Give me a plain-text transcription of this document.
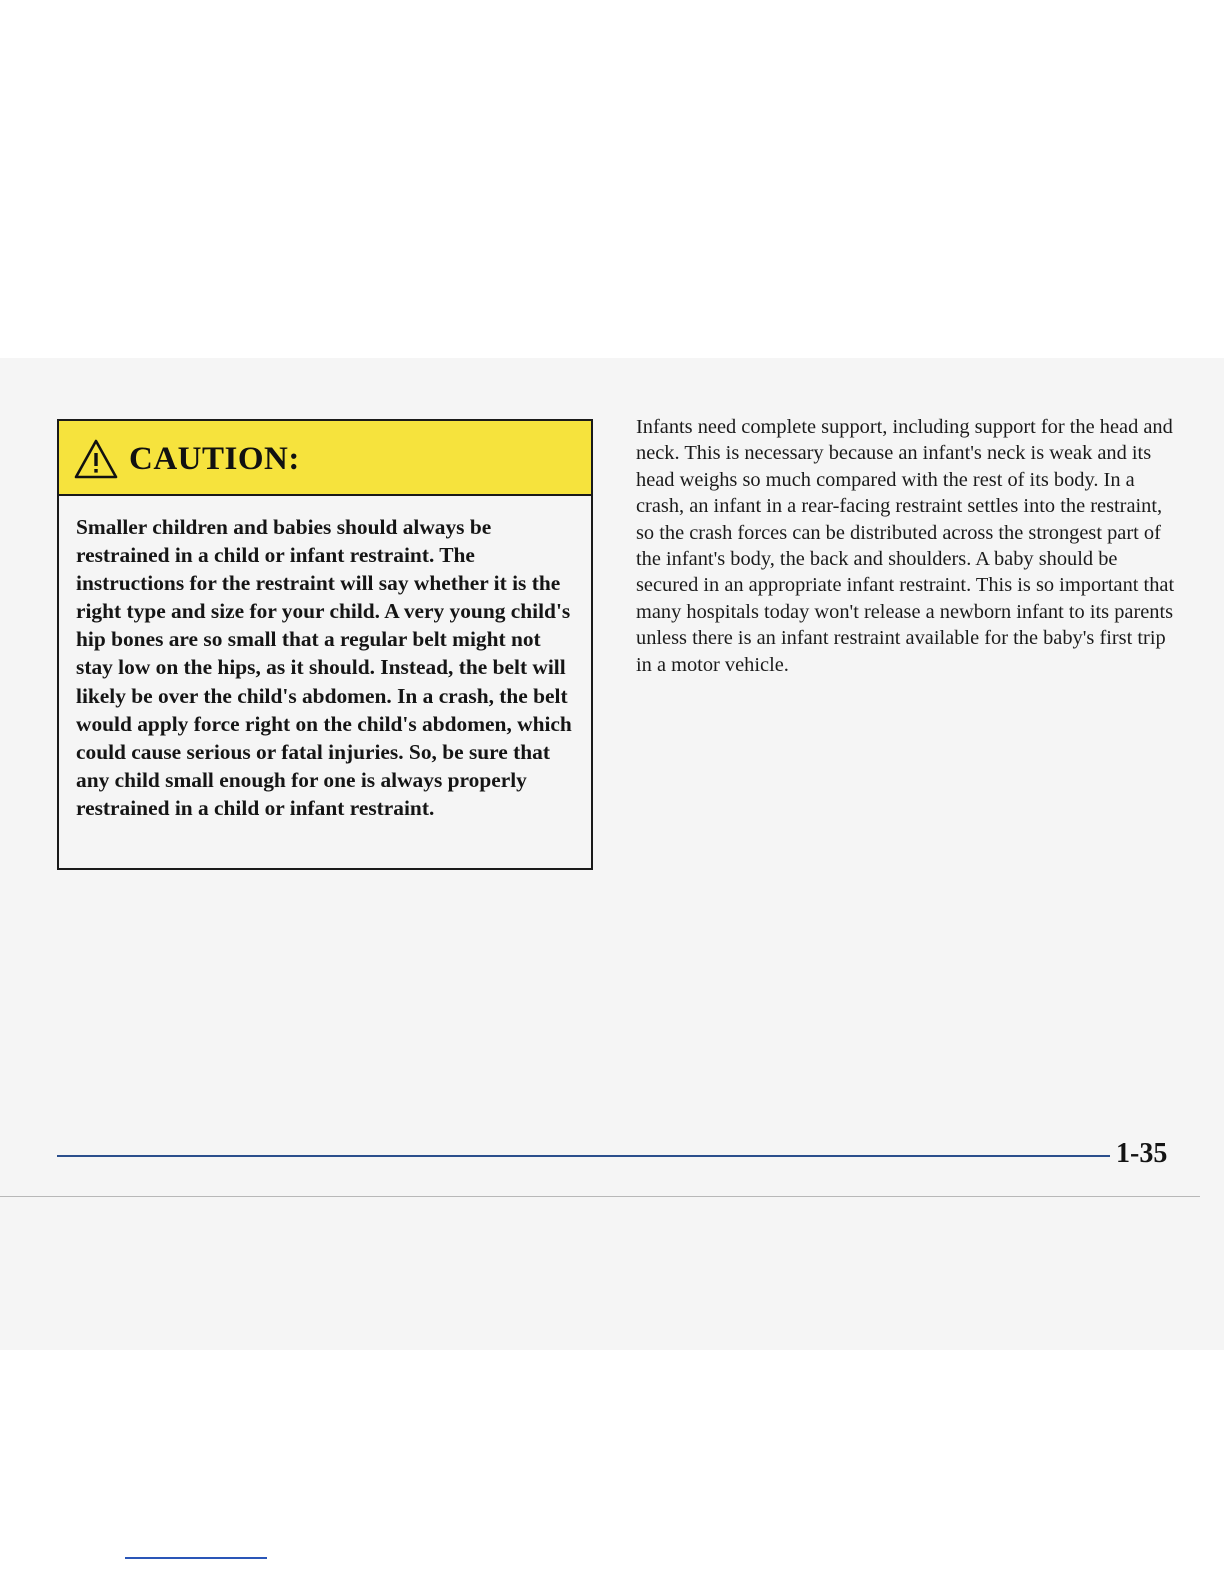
CAUTION:
Smaller children and babies should always be restrained in a child or infant restraint. The instructions for the restraint will say whether it is the right type and size for your child. A very young child's hip bones are so small that a regular belt might not stay low on the hips, as it should. Instead, the belt will likely be over the child's abdomen. In a crash, the belt would apply force right on the child's abdomen, which could cause serious or fatal injuries. So, be sure that any child small enough for one is always properly restrained in a child or infant restraint.
Infants need complete support, including support for the head and neck. This is necessary because an infant's neck is weak and its head weighs so much compared with the rest of its body. In a crash, an infant in a rear-facing restraint settles into the restraint, so the crash forces can be distributed across the strongest part of the infant's body, the back and shoulders. A baby should be secured in an appropriate infant restraint. This is so important that many hospitals today won't release a newborn infant to its parents unless there is an infant restraint available for the baby's first trip in a motor vehicle.
1-35
